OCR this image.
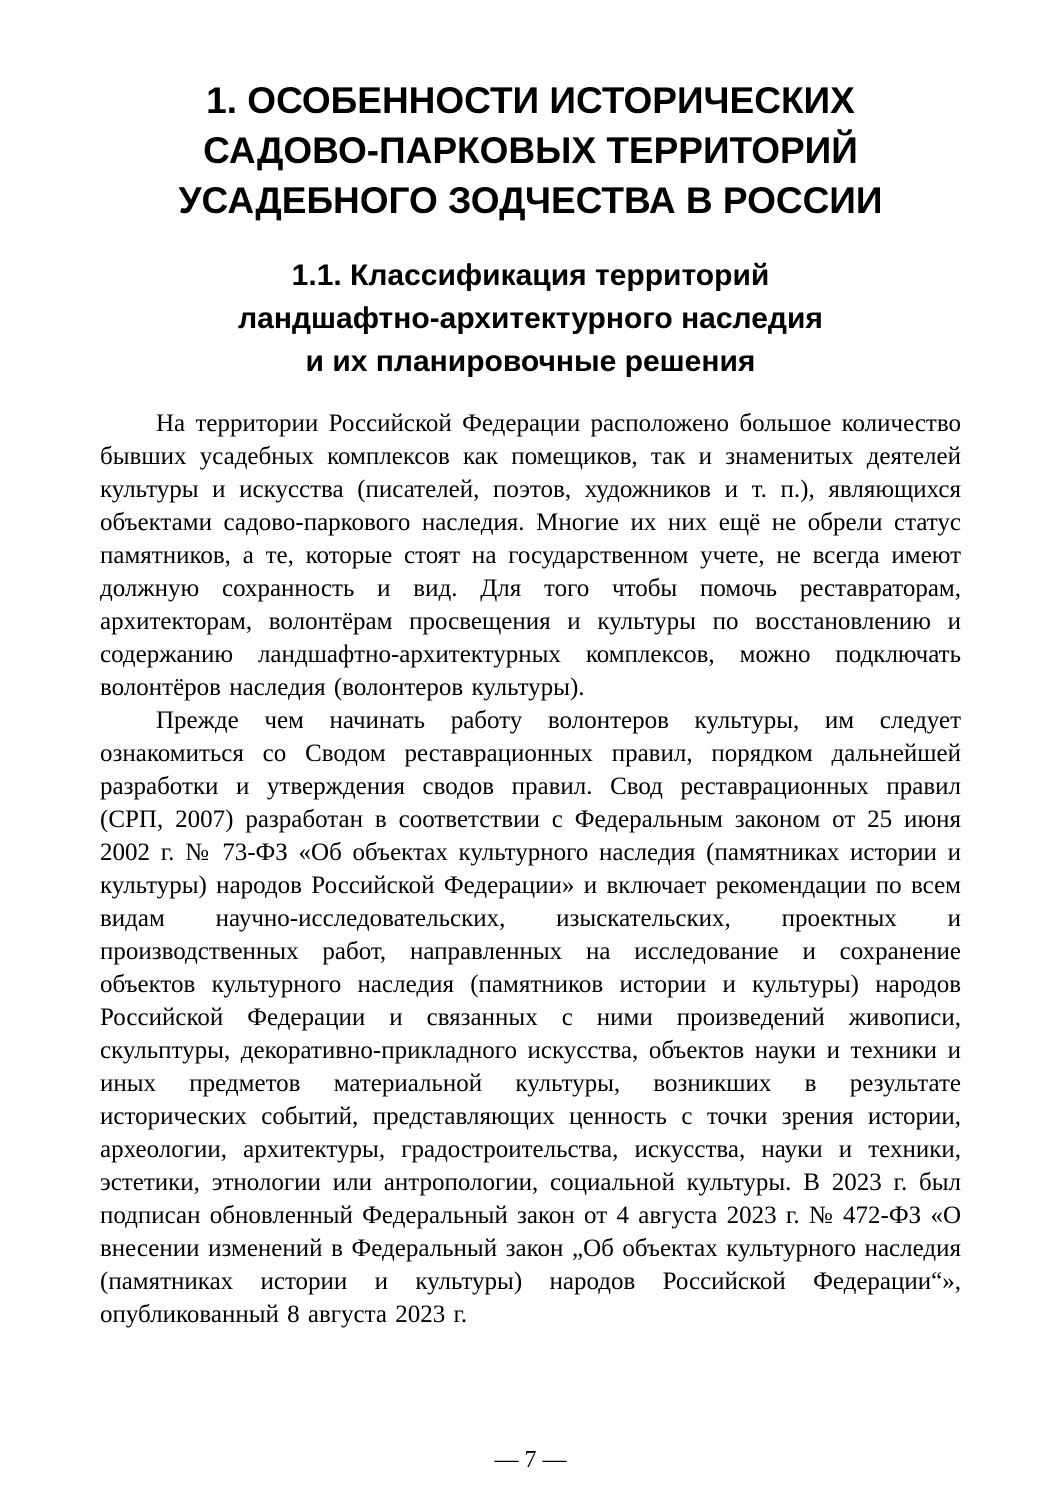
1. ОСОБЕННОСТИ ИСТОРИЧЕСКИХ
САДОВО-ПАРКОВЫХ ТЕРРИТОРИЙ
УСАДЕБНОГО ЗОДЧЕСТВА В РОССИИ
1.1. Классификация территорий
ландшафтно-архитектурного наследия
и их планировочные решения

На территории Российской Федерации расположено большое количество бывших усадебных комплексов как помещиков, так и знаменитых деятелей культуры и искусства (писателей, поэтов, художников и т. п.), являющихся объектами садово-паркового наследия. Многие их них ещё не обрели статус памятников, а те, которые стоят на государственном учете, не всегда имеют должную сохранность и вид. Для того чтобы помочь реставраторам, архитекторам, волонтёрам просвещения и культуры по восстановлению и содержанию ландшафтно-архитектурных комплексов, можно подключать волонтёров наследия (волонтеров культуры).

Прежде чем начинать работу волонтеров культуры, им следует ознакомиться со Сводом реставрационных правил, порядком дальнейшей разработки и утверждения сводов правил. Свод реставрационных правил (СРП, 2007) разработан в соответствии с Федеральным законом от 25 июня 2002 г. № 73-ФЗ «Об объектах культурного наследия (памятниках истории и культуры) народов Российской Федерации» и включает рекомендации по всем видам научно-исследовательских, изыскательских, проектных и производственных работ, направленных на исследование и сохранение объектов культурного наследия (памятников истории и культуры) народов Российской Федерации и связанных с ними произведений живописи, скульптуры, декоративно-прикладного искусства, объектов науки и техники и иных предметов материальной культуры, возникших в результате исторических событий, представляющих ценность с точки зрения истории, археологии, архитектуры, градостроительства, искусства, науки и техники, эстетики, этнологии или антропологии, социальной культуры. В 2023 г. был подписан обновленный Федеральный закон от 4 августа 2023 г. № 472-ФЗ «О внесении изменений в Федеральный закон „Об объектах культурного наследия (памятниках истории и культуры) народов Российской Федерации“», опубликованный 8 августа 2023 г.

— 7 —
